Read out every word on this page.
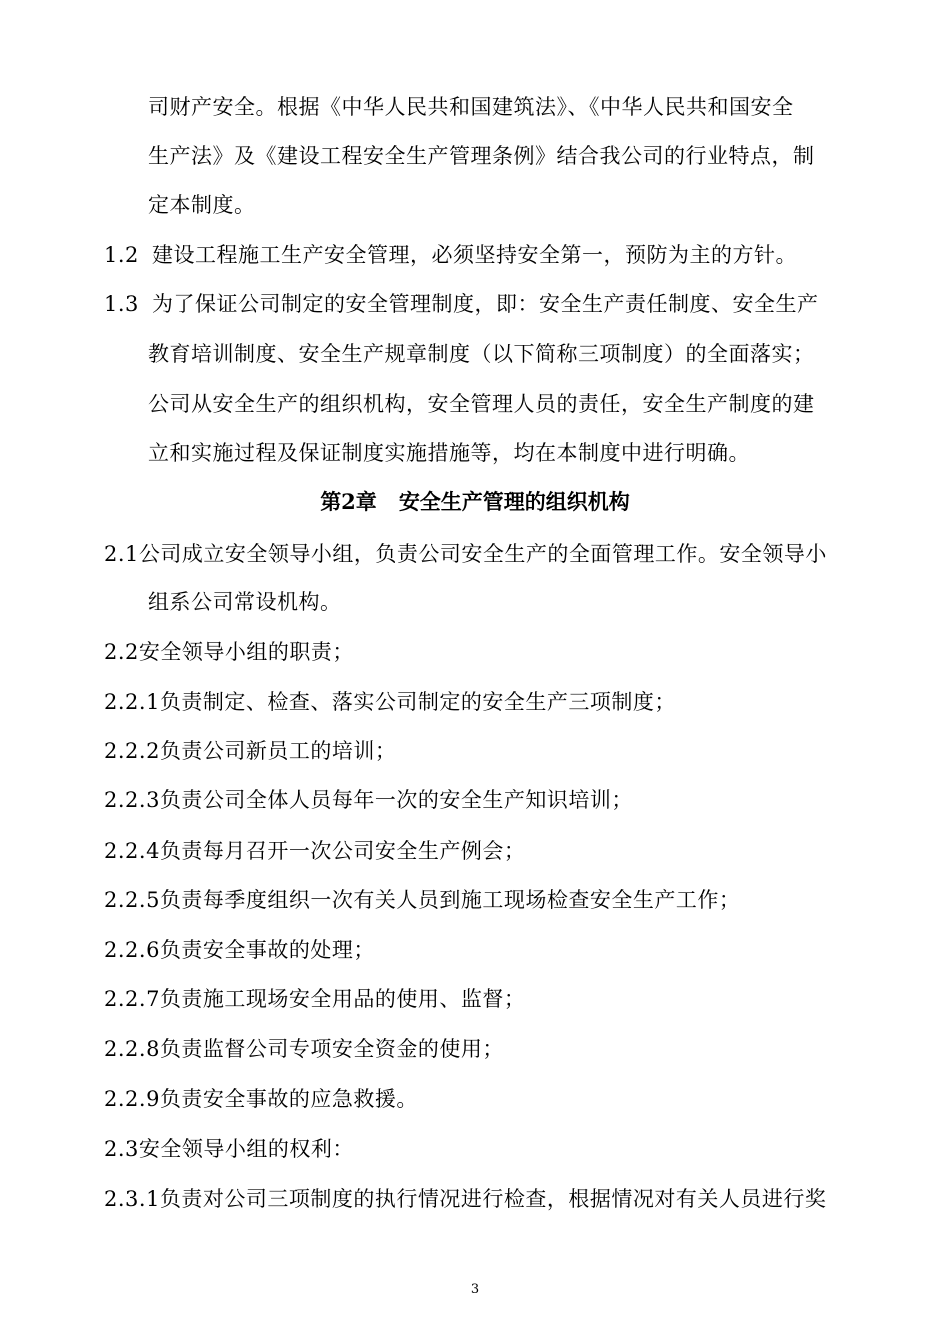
司财产安全。根据《中华人民共和国建筑法》、《中华人民共和国安全
生产法》及《建设工程安全生产管理条例》结合我公司的行业特点，制
定本制度。
1.2 建设工程施工生产安全管理，必须坚持安全第一，预防为主的方针。
1.3 为了保证公司制定的安全管理制度，即：安全生产责任制度、安全生产
教育培训制度、安全生产规章制度（以下简称三项制度）的全面落实；
公司从安全生产的组织机构，安全管理人员的责任，安全生产制度的建
立和实施过程及保证制度实施措施等，均在本制度中进行明确。
第2章 安全生产管理的组织机构
2.1公司成立安全领导小组，负责公司安全生产的全面管理工作。安全领导小
组系公司常设机构。
2.2安全领导小组的职责；
2.2.1负责制定、检查、落实公司制定的安全生产三项制度；
2.2.2负责公司新员工的培训；
2.2.3负责公司全体人员每年一次的安全生产知识培训；
2.2.4负责每月召开一次公司安全生产例会；
2.2.5负责每季度组织一次有关人员到施工现场检查安全生产工作；
2.2.6负责安全事故的处理；
2.2.7负责施工现场安全用品的使用、监督；
2.2.8负责监督公司专项安全资金的使用；
2.2.9负责安全事故的应急救援。
2.3安全领导小组的权利：
2.3.1负责对公司三项制度的执行情况进行检查，根据情况对有关人员进行奖
3
